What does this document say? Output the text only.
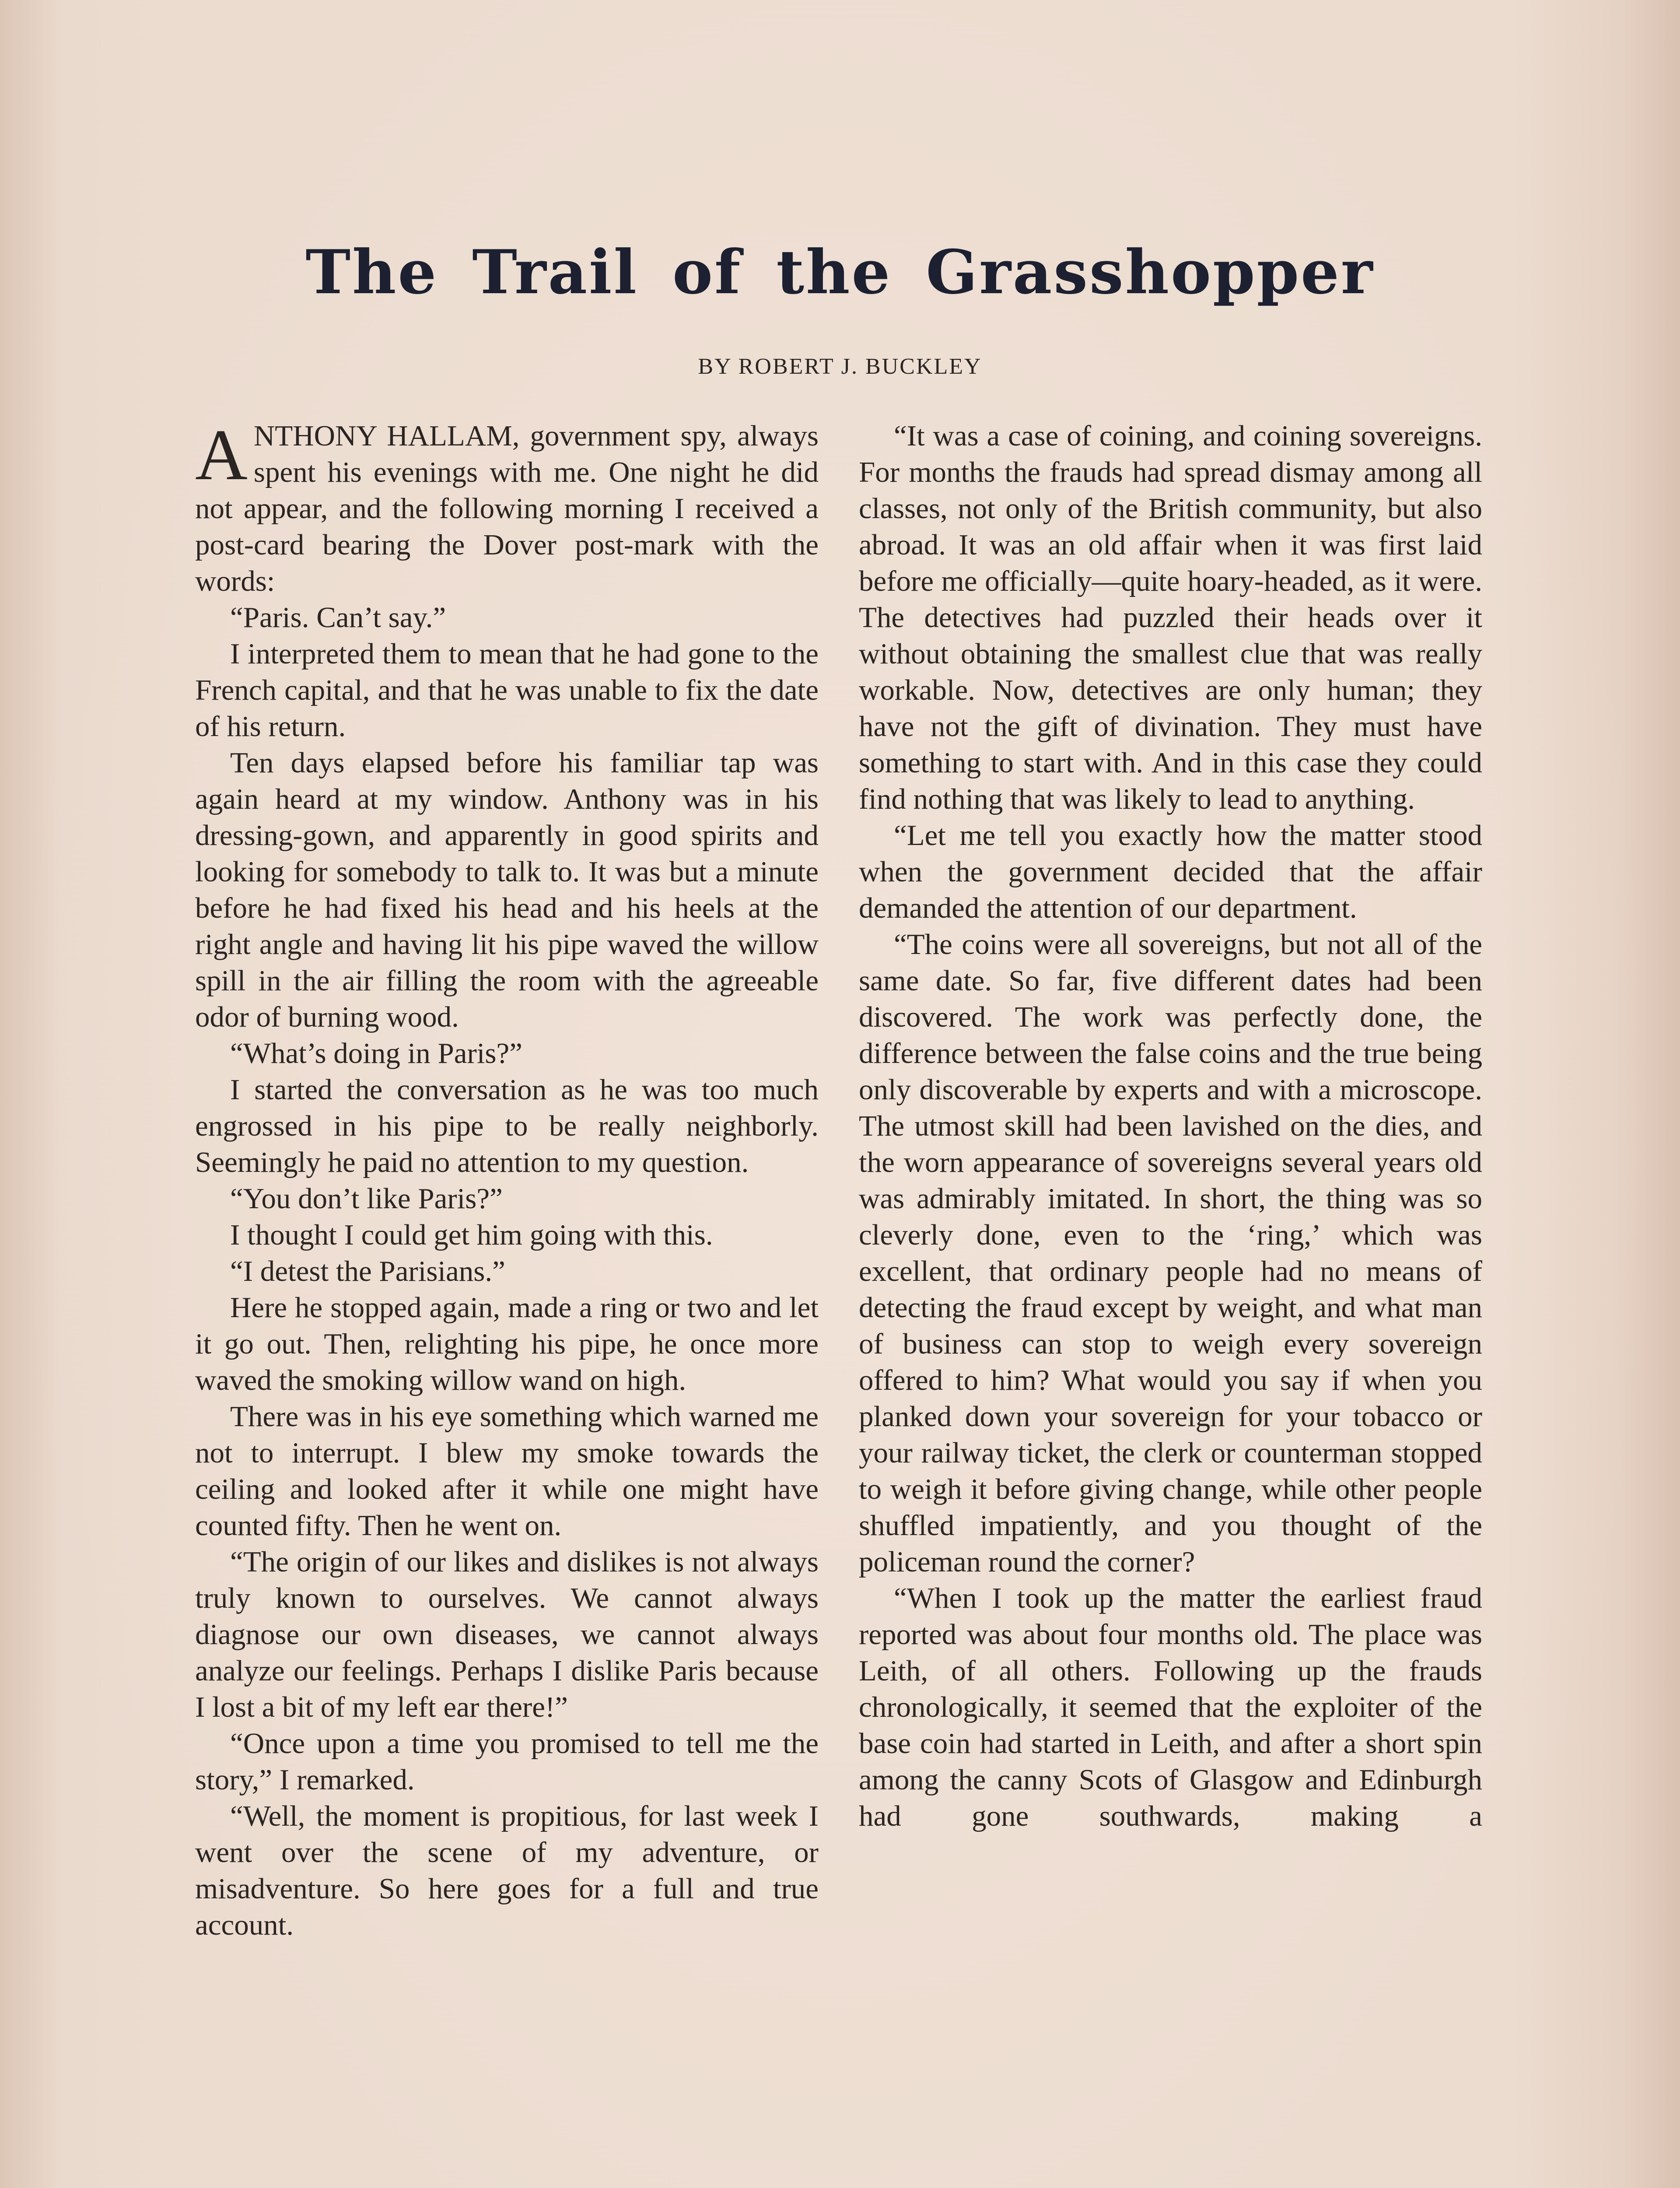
The Trail of the Grasshopper

BY ROBERT J. BUCKLEY

ANTHONY HALLAM, government spy, always spent his evenings with me. One night he did not appear, and the following morning I received a post-card bearing the Dover post-mark with the words:

“Paris. Can’t say.”

I interpreted them to mean that he had gone to the French capital, and that he was unable to fix the date of his return.

Ten days elapsed before his familiar tap was again heard at my window. Anthony was in his dressing-gown, and apparently in good spirits and looking for somebody to talk to. It was but a minute before he had fixed his head and his heels at the right angle and having lit his pipe waved the willow spill in the air filling the room with the agreeable odor of burning wood.

“What’s doing in Paris?”

I started the conversation as he was too much engrossed in his pipe to be really neighborly. Seemingly he paid no attention to my question.

“You don’t like Paris?”

I thought I could get him going with this.

“I detest the Parisians.”

Here he stopped again, made a ring or two and let it go out. Then, relighting his pipe, he once more waved the smoking willow wand on high.

There was in his eye something which warned me not to interrupt. I blew my smoke towards the ceiling and looked after it while one might have counted fifty. Then he went on.

“The origin of our likes and dislikes is not always truly known to ourselves. We cannot always diagnose our own diseases, we cannot always analyze our feelings. Perhaps I dislike Paris because I lost a bit of my left ear there!”

“Once upon a time you promised to tell me the story,” I remarked.

“Well, the moment is propitious, for last week I went over the scene of my adventure, or misadventure. So here goes for a full and true account.

“It was a case of coining, and coining sovereigns. For months the frauds had spread dismay among all classes, not only of the British community, but also abroad. It was an old affair when it was first laid before me officially—quite hoary-headed, as it were. The detectives had puzzled their heads over it without obtaining the smallest clue that was really workable. Now, detectives are only human; they have not the gift of divination. They must have something to start with. And in this case they could find nothing that was likely to lead to anything.

“Let me tell you exactly how the matter stood when the government decided that the affair demanded the attention of our department.

“The coins were all sovereigns, but not all of the same date. So far, five different dates had been discovered. The work was perfectly done, the difference between the false coins and the true being only discoverable by experts and with a microscope. The utmost skill had been lavished on the dies, and the worn appearance of sovereigns several years old was admirably imitated. In short, the thing was so cleverly done, even to the ‘ring,’ which was excellent, that ordinary people had no means of detecting the fraud except by weight, and what man of business can stop to weigh every sovereign offered to him? What would you say if when you planked down your sovereign for your tobacco or your railway ticket, the clerk or counterman stopped to weigh it before giving change, while other people shuffled impatiently, and you thought of the policeman round the corner?

“When I took up the matter the earliest fraud reported was about four months old. The place was Leith, of all others. Following up the frauds chronologically, it seemed that the exploiter of the base coin had started in Leith, and after a short spin among the canny Scots of Glasgow and Edinburgh had gone southwards, making a
